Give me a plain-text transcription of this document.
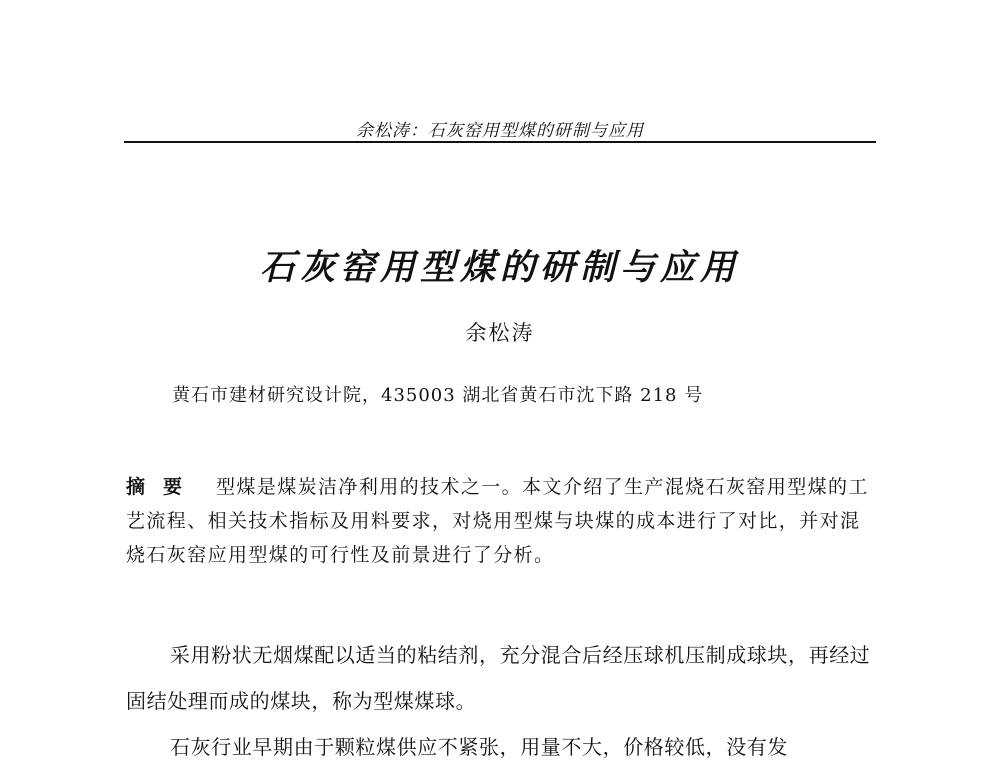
余松涛：石灰窑用型煤的研制与应用
石灰窑用型煤的研制与应用
余松涛
黄石市建材研究设计院，435003 湖北省黄石市沈下路 218 号

摘要 型煤是煤炭洁净利用的技术之一。本文介绍了生产混烧石灰窑用型煤的工艺流程、相关技术指标及用料要求，对烧用型煤与块煤的成本进行了对比，并对混烧石灰窑应用型煤的可行性及前景进行了分析。

采用粉状无烟煤配以适当的粘结剂，充分混合后经压球机压制成球块，再经过固结处理而成的煤块，称为型煤煤球。

石灰行业早期由于颗粒煤供应不紧张，用量不大，价格较低，没有发
